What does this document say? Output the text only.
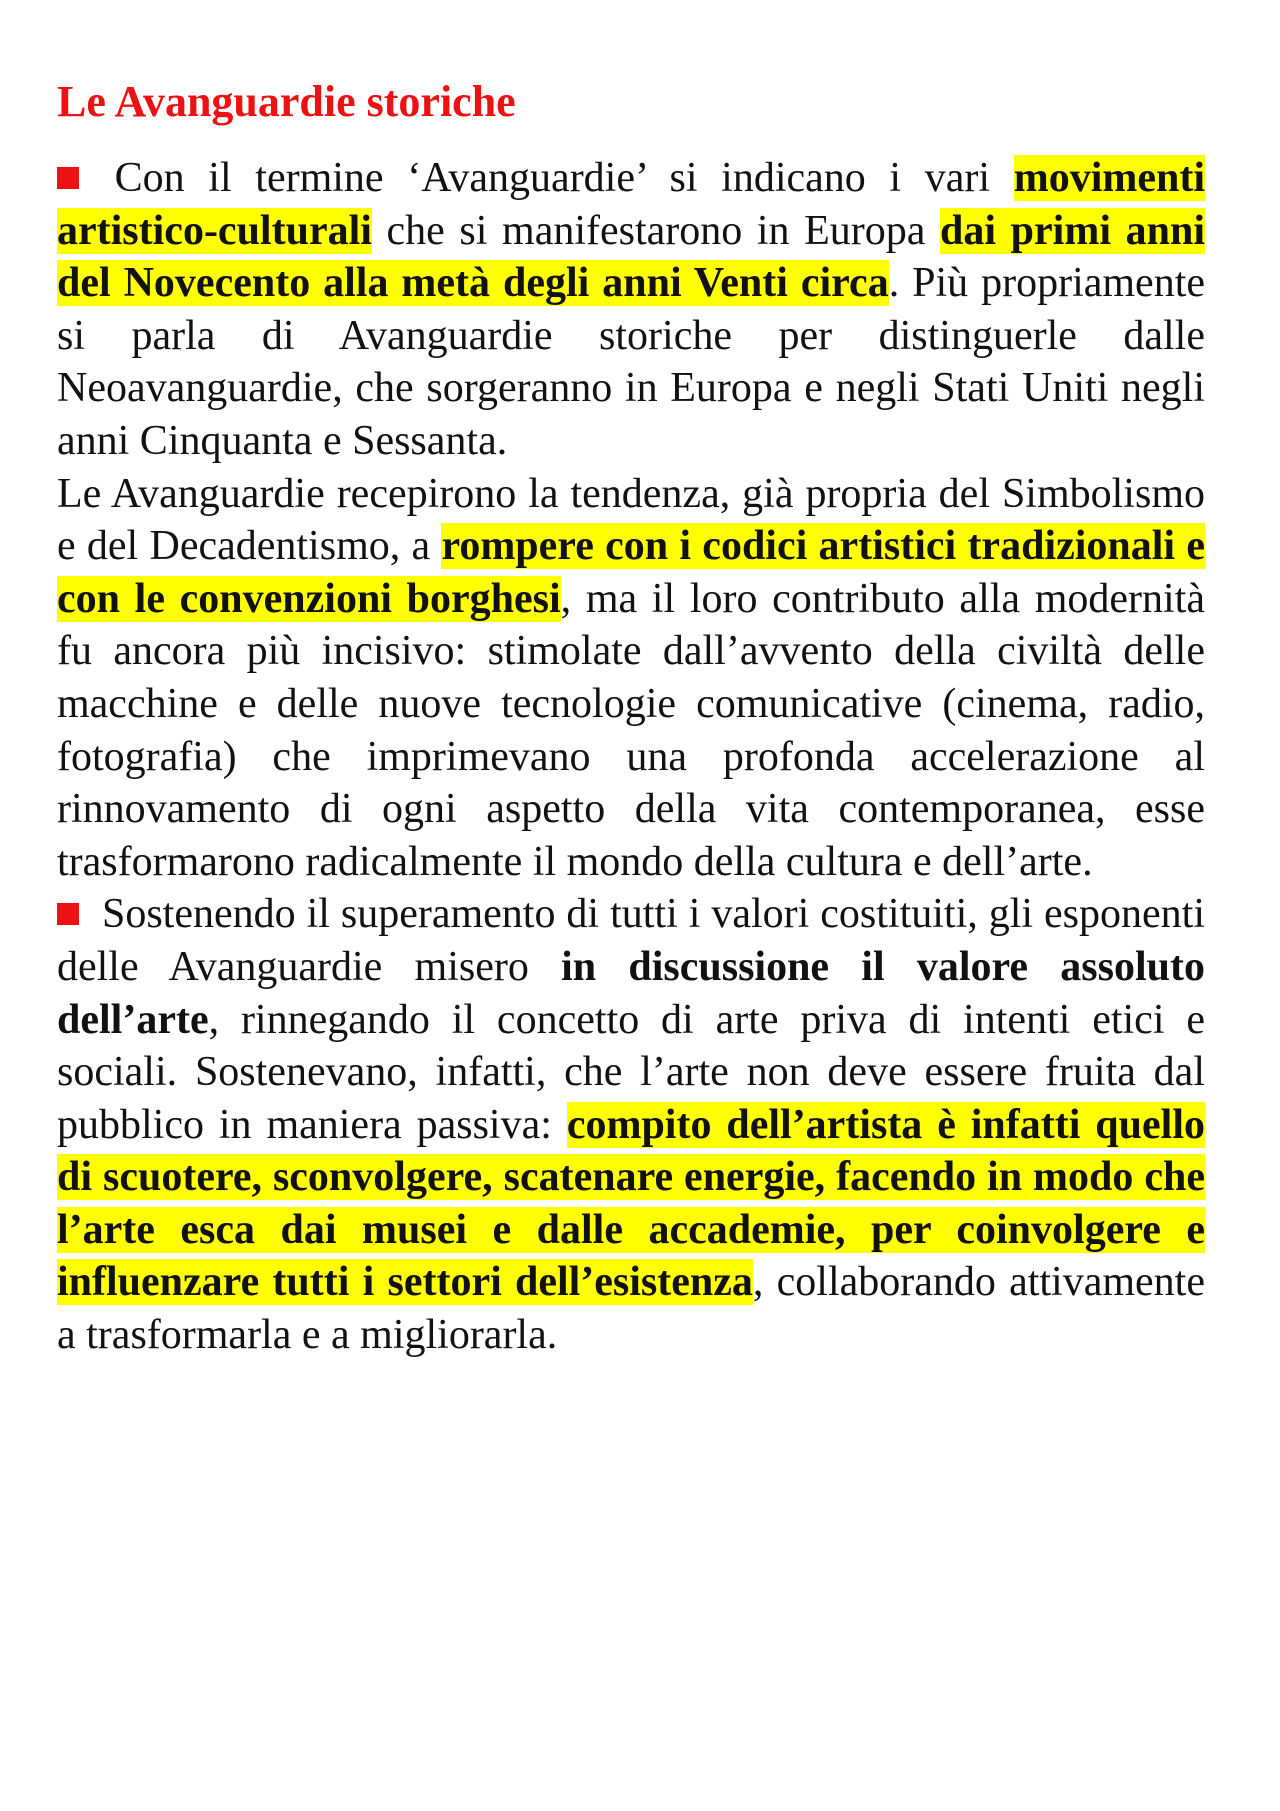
Le Avanguardie storiche

Con il termine ‘Avanguardie’ si indicano i vari movimenti artistico-culturali che si manifestarono in Europa dai primi anni del Novecento alla metà degli anni Venti circa. Più propriamente si parla di Avanguardie storiche per distinguerle dalle Neoavanguardie, che sorgeranno in Europa e negli Stati Uniti negli anni Cinquanta e Sessanta.

Le Avanguardie recepirono la tendenza, già propria del Simbolismo e del Decadentismo, a rompere con i codici artistici tradizionali e con le convenzioni borghesi, ma il loro contributo alla modernità fu ancora più incisivo: stimolate dall’avvento della civiltà delle macchine e delle nuove tecnologie comunicative (cinema, radio, fotografia) che imprimevano una profonda accelerazione al rinnovamento di ogni aspetto della vita contemporanea, esse trasformarono radicalmente il mondo della cultura e dell’arte.

Sostenendo il superamento di tutti i valori costituiti, gli esponenti delle Avanguardie misero in discussione il valore assoluto dell’arte, rinnegando il concetto di arte priva di intenti etici e sociali. Sostenevano, infatti, che l’arte non deve essere fruita dal pubblico in maniera passiva: compito dell’artista è infatti quello di scuotere, sconvolgere, scatenare energie, facendo in modo che l’arte esca dai musei e dalle accademie, per coinvolgere e influenzare tutti i settori dell’esistenza, collaborando attivamente a trasformarla e a migliorarla.
